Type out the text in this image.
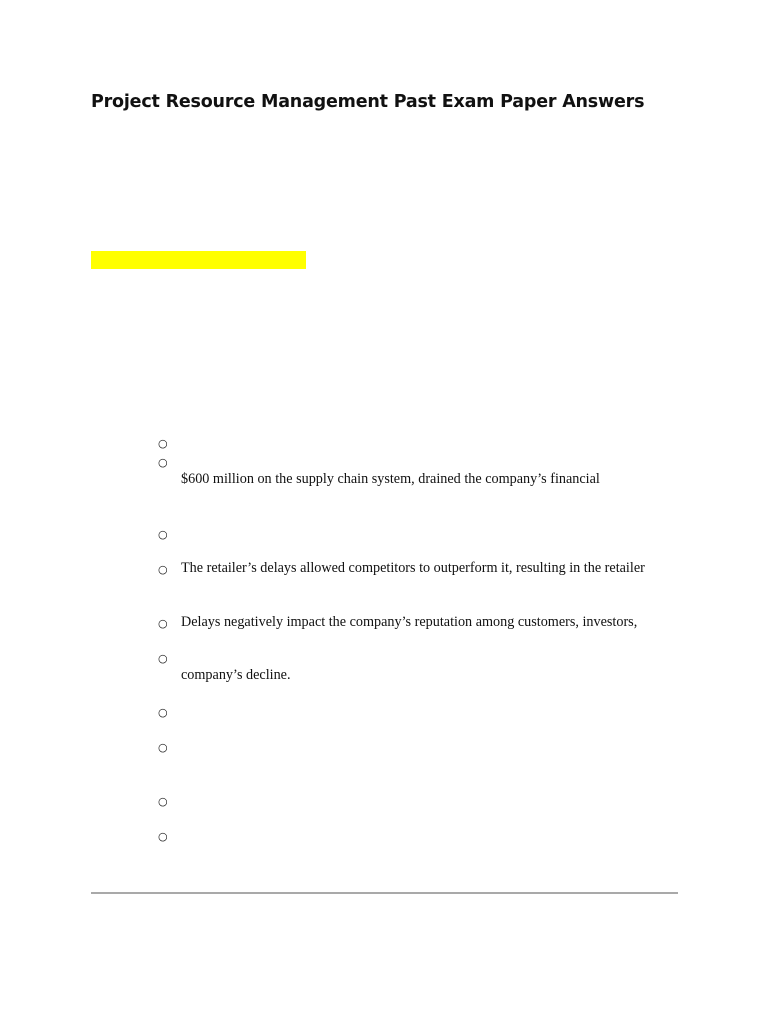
Project Resource Management Past Exam Paper Answers
○
○
○
○
○
○
○
○
○
○
$600 million on the supply chain system, drained the company’s financial
The retailer’s delays allowed competitors to outperform it, resulting in the retailer
Delays negatively impact the company’s reputation among customers, investors,
company’s decline.
